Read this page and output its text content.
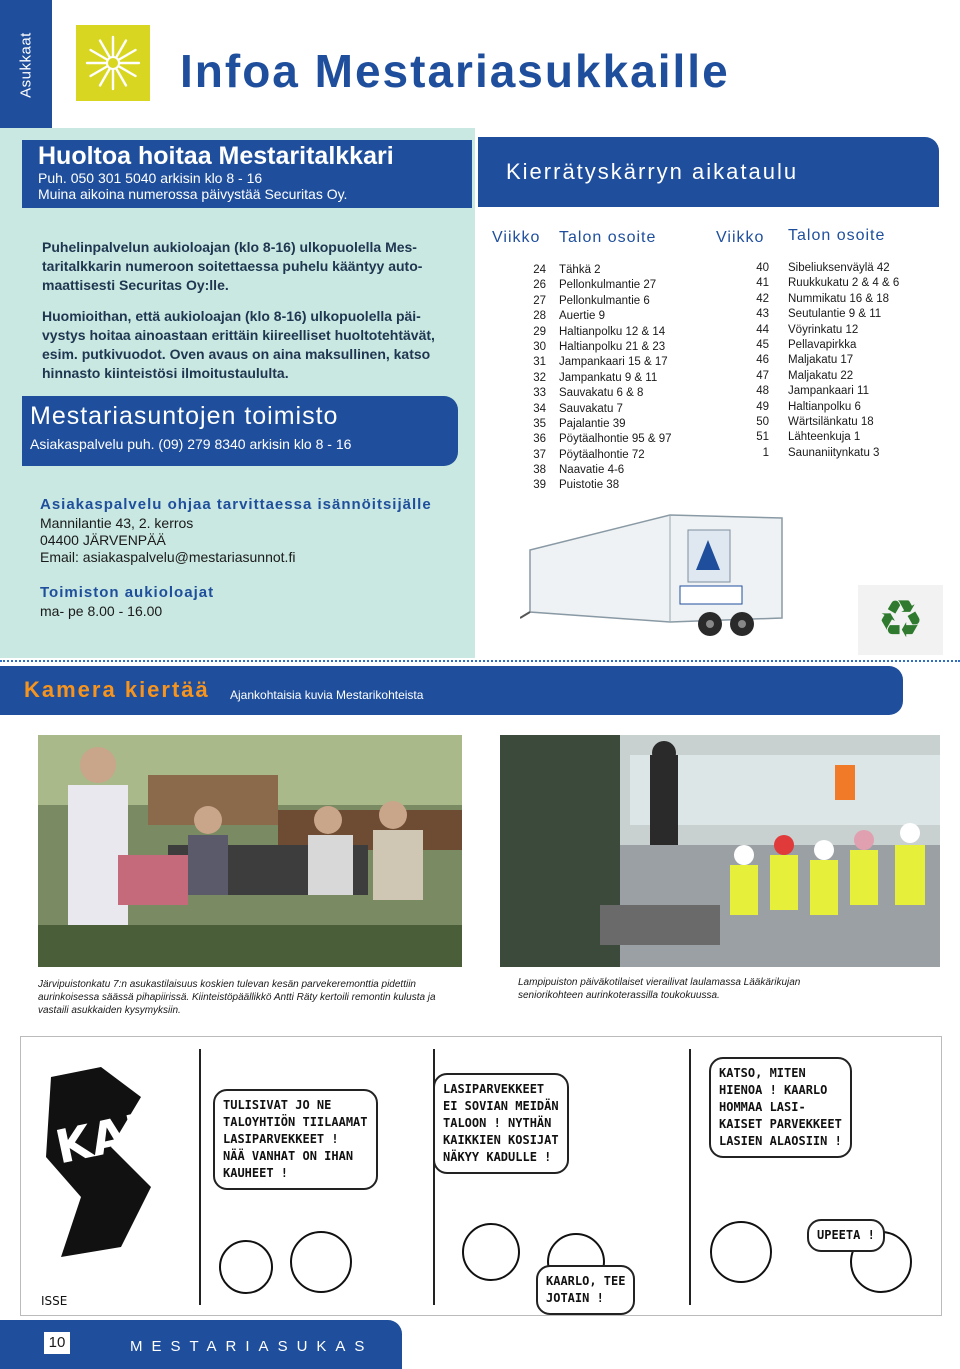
Asukkaat	Infoa Mestariasukkaille
Huoltoa hoitaa Mestaritalkkari
Puh. 050 301 5040 arkisin klo 8 - 16
Muina aikoina numerossa päivystää Securitas Oy.
Puhelinpalvelun aukioloajan (klo 8-16) ulkopuolella Mes-
taritalkkarin numeroon soitettaessa puhelu kääntyy auto-
maattisesti Securitas Oy:lle.
Huomioithan, että aukioloajan (klo 8-16) ulkopuolella päi-
vystys hoitaa ainoastaan erittäin kiireelliset huoltotehtävät,
esim. putkivuodot. Oven avaus on aina maksullinen, katso
hinnasto kiinteistösi ilmoitustaululta.
Mestariasuntojen toimisto
Asiakaspalvelu puh. (09) 279 8340 arkisin klo 8 - 16
Asiakaspalvelu ohjaa tarvittaessa isännöitsijälle
Mannilantie 43, 2. kerros
04400 JÄRVENPÄÄ
Email: asiakaspalvelu@mestariasunnot.fi
Toimiston aukioloajat
ma- pe 8.00 - 16.00
Kierrätyskärryn aikataulu
Viikko Talon osoite	Viikko Talon osoite
24 Tähkä 2
26 Pellonkulmantie 27
27 Pellonkulmantie 6
28 Auertie 9
29 Haltianpolku 12 & 14
30 Haltianpolku 21 & 23
31 Jampankaari 15 & 17
32 Jampankatu 9 & 11
33 Sauvakatu 6 & 8
34 Sauvakatu 7
35 Pajalantie 39
36 Pöytäalhontie 95 & 97
37 Pöytäalhontie 72
38 Naavatie 4-6
39 Puistotie 38
40 Sibeliuksenväylä 42
41 Ruukkukatu 2 & 4 & 6
42 Nummikatu 16 & 18
43 Seutulantie 9 & 11
44 Vöyrinkatu 12
45 Pellavapirkka
46 Maljakatu 17
47 Maljakatu 22
48 Jampankaari 11
49 Haltianpolku 6
50 Wärtsilänkatu 18
51 Lähteenkuja 1
1 Saunaniitynkatu 3
♻
Kamera kiertää Ajankohtaisia kuvia Mestarikohteista
Järvipuistonkatu 7:n asukastilaisuus koskien tulevan kesän parvekeremonttia pidettiin
aurinkoisessa säässä pihapiirissä. Kiinteistöpäällikkö Antti Räty kertoili remontin kulusta ja
vastaili asukkaiden kysymyksiin.
Lampipuiston päiväkotilaiset vierailivat laulamassa Lääkärikujan
seniorikohteen aurinkoterassilla toukokuussa.
KAK
ISSE
TULISIVAT JO NE
TALOYHTIÖN TIILAAMAT
LASIPARVEKKEET !
NÄÄ VANHAT ON IHAN
KAUHEET !
LASIPARVEKKEET
EI SOVIAN MEIDÄN
TALOON ! NYTHÄN
KAIKKIEN KOSIJAT
NÄKYY KADULLE !
KATSO, MITEN
HIENOA ! KAARLO
HOMMAA LASI-
KAISET PARVEKKEET
LASIEN ALAOSIIN !
KAARLO, TEE
JOTAIN !
UPEETA !
10	MESTARIASUKAS
